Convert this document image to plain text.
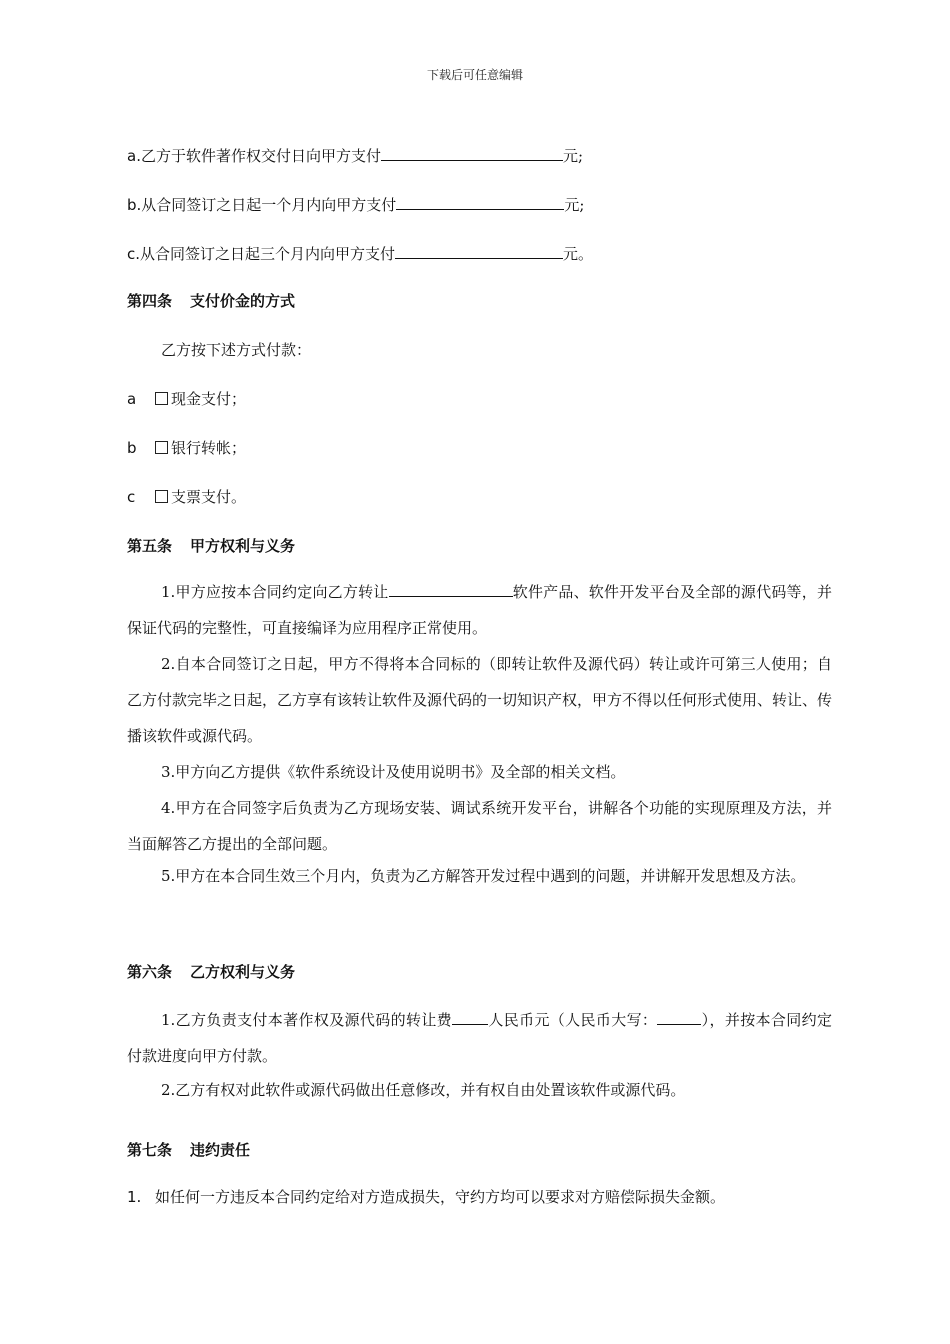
下载后可任意编辑
a.乙方于软件著作权交付日向甲方支付	元;
b.从合同签订之日起一个月内向甲方支付	元;
c.从合同签订之日起三个月内向甲方支付	元。
第四条 支付价金的方式
乙方按下述方式付款：
a 现金支付；
b 银行转帐；
c 支票支付。
第五条 甲方权利与义务
1.甲方应按本合同约定向乙方转让	软件产品、软件开发平台及全部的源代码等，并保证代码的完整性，可直接编译为应用程序正常使用。
2.自本合同签订之日起，甲方不得将本合同标的（即转让软件及源代码）转让或许可第三人使用；自乙方付款完毕之日起，乙方享有该转让软件及源代码的一切知识产权，甲方不得以任何形式使用、转让、传播该软件或源代码。
3.甲方向乙方提供《软件系统设计及使用说明书》及全部的相关文档。
4.甲方在合同签字后负责为乙方现场安装、调试系统开发平台，讲解各个功能的实现原理及方法，并当面解答乙方提出的全部问题。
5.甲方在本合同生效三个月内，负责为乙方解答开发过程中遇到的问题，并讲解开发思想及方法。
第六条 乙方权利与义务
1.乙方负责支付本著作权及源代码的转让费 人民币元（人民币大写：	），并按本合同约定付款进度向甲方付款。
2.乙方有权对此软件或源代码做出任意修改，并有权自由处置该软件或源代码。
第七条 违约责任
1. 如任何一方违反本合同约定给对方造成损失，守约方均可以要求对方赔偿际损失金额。
